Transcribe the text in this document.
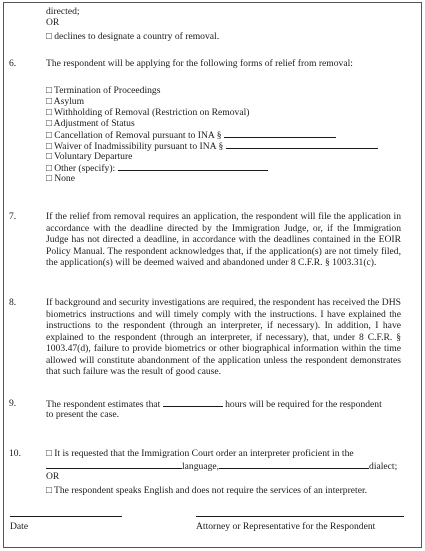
directed;
OR
□ declines to designate a country of removal.
6.	The respondent will be applying for the following forms of relief from removal:
□ Termination of Proceedings
□ Asylum
□ Withholding of Removal (Restriction on Removal)
□ Adjustment of Status
□ Cancellation of Removal pursuant to INA §
□ Waiver of Inadmissibility pursuant to INA §
□ Voluntary Departure
□ Other (specify):
□ None
7.	If the relief from removal requires an application, the respondent will file the application in accordance with the deadline directed by the Immigration Judge, or, if the Immigration Judge has not directed a deadline, in accordance with the deadlines contained in the EOIR Policy Manual. The respondent acknowledges that, if the application(s) are not timely filed, the application(s) will be deemed waived and abandoned under 8 C.F.R. § 1003.31(c).
8.	If background and security investigations are required, the respondent has received the DHS biometrics instructions and will timely comply with the instructions. I have explained the instructions to the respondent (through an interpreter, if necessary). In addition, I have explained to the respondent (through an interpreter, if necessary), that, under 8 C.F.R. § 1003.47(d), failure to provide biometrics or other biographical information within the time allowed will constitute abandonment of the application unless the respondent demonstrates that such failure was the result of good cause.
9.	The respondent estimates that	hours will be required for the respondent
to present the case.
10.	□ It is requested that the Immigration Court order an interpreter proficient in the
language,	dialect;
OR
□ The respondent speaks English and does not require the services of an interpreter.
Date	Attorney or Representative for the Respondent
